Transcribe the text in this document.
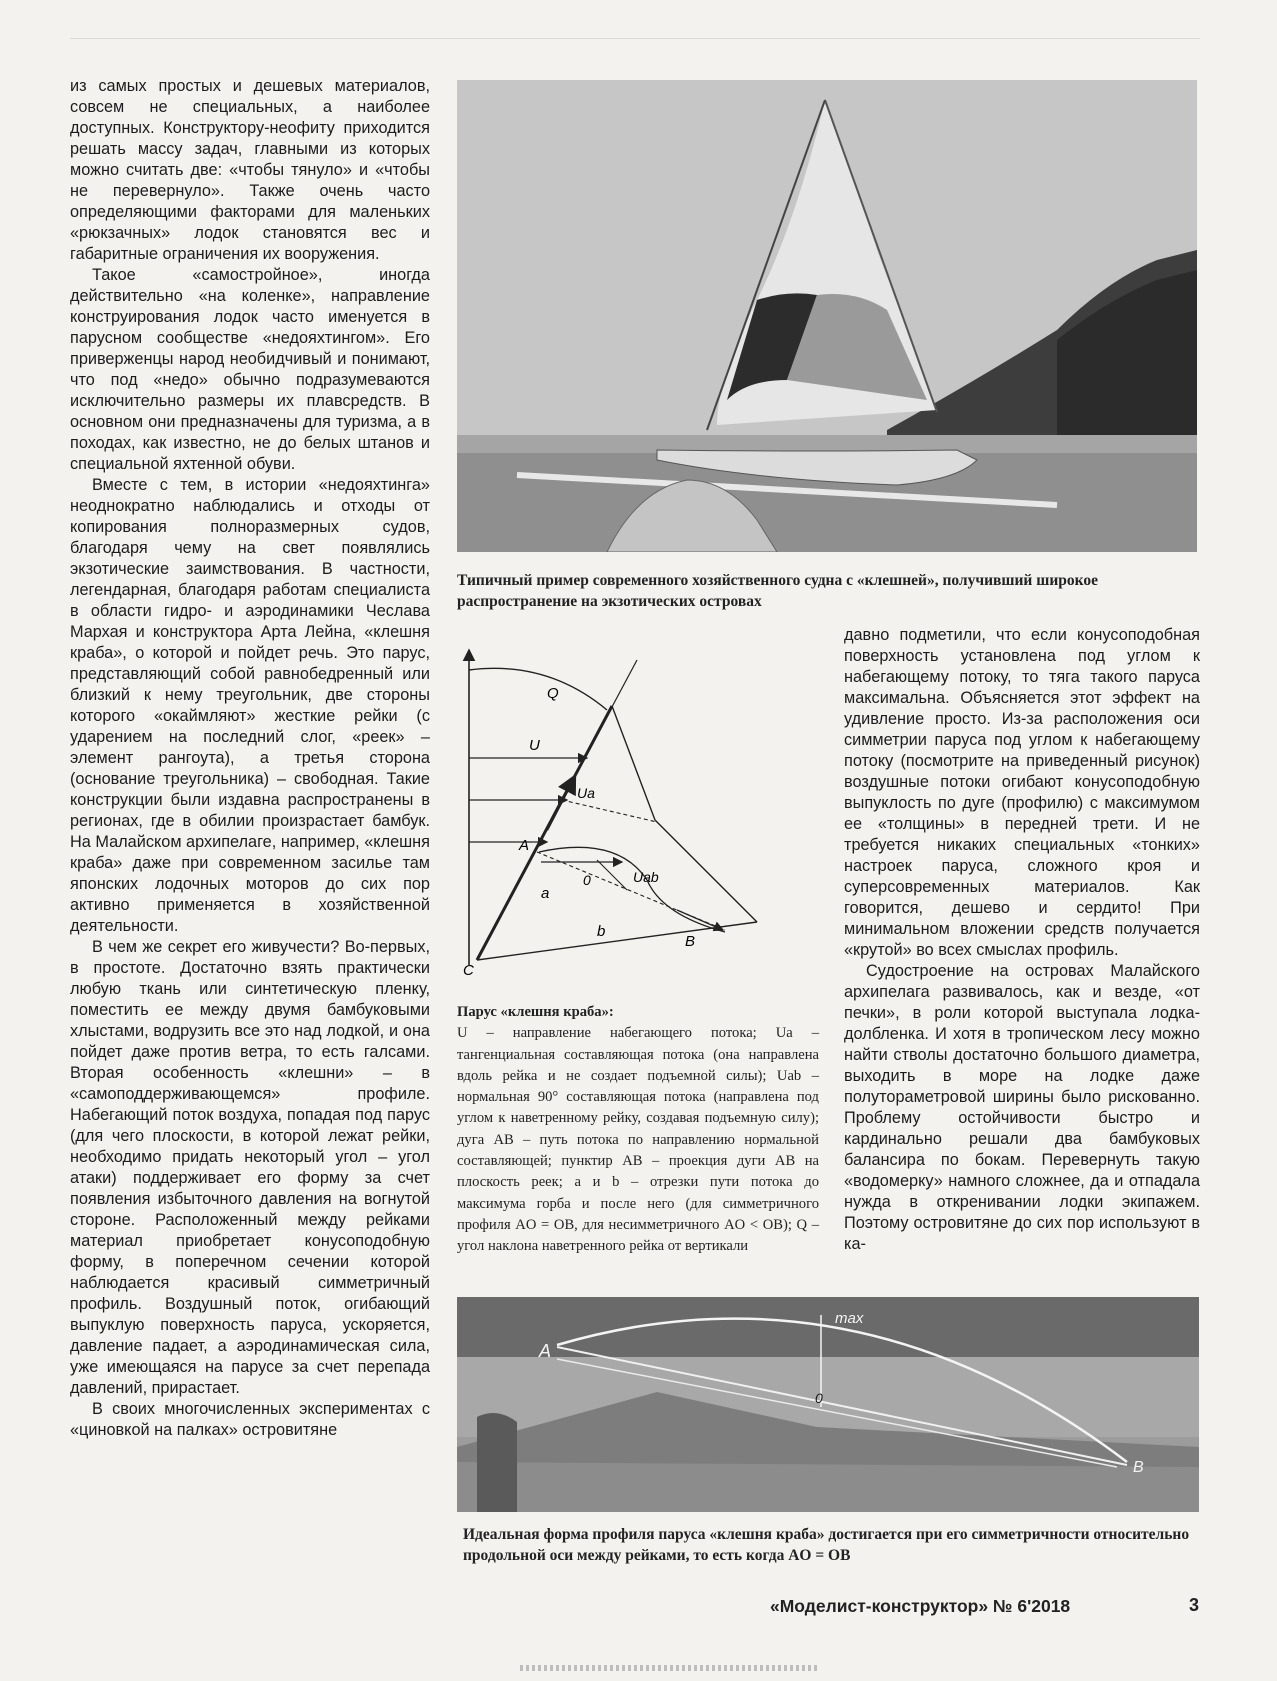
из самых простых и дешевых материалов, совсем не специальных, а наиболее доступных. Конструктору-неофиту приходится решать массу задач, главными из которых можно считать две: «чтобы тянуло» и «чтобы не перевернуло». Также очень часто определяющими факторами для маленьких «рюкзачных» лодок становятся вес и габаритные ограничения их вооружения.

Такое «самостройное», иногда действительно «на коленке», направление конструирования лодок часто именуется в парусном сообществе «недояхтингом». Его приверженцы народ необидчивый и понимают, что под «недо» обычно подразумеваются исключительно размеры их плавсредств. В основном они предназначены для туризма, а в походах, как известно, не до белых штанов и специальной яхтенной обуви.

Вместе с тем, в истории «недояхтинга» неоднократно наблюдались и отходы от копирования полноразмерных судов, благодаря чему на свет появлялись экзотические заимствования. В частности, легендарная, благодаря работам специалиста в области гидро- и аэродинамики Чеслава Мархая и конструктора Арта Лейна, «клешня краба», о которой и пойдет речь. Это парус, представляющий собой равнобедренный или близкий к нему треугольник, две стороны которого «окаймляют» жесткие рейки (с ударением на последний слог, «реек» – элемент рангоута), а третья сторона (основание треугольника) – свободная. Такие конструкции были издавна распространены в регионах, где в обилии произрастает бамбук. На Малайском архипелаге, например, «клешня краба» даже при современном засилье там японских лодочных моторов до сих пор активно применяется в хозяйственной деятельности.

В чем же секрет его живучести? Во-первых, в простоте. Достаточно взять практически любую ткань или синтетическую пленку, поместить ее между двумя бамбуковыми хлыстами, водрузить все это над лодкой, и она пойдет даже против ветра, то есть галсами. Вторая особенность «клешни» – в «самоподдерживающемся» профиле. Набегающий поток воздуха, попадая под парус (для чего плоскости, в которой лежат рейки, необходимо придать некоторый угол – угол атаки) поддерживает его форму за счет появления избыточного давления на вогнутой стороне. Расположенный между рейками материал приобретает конусоподобную форму, в поперечном сечении которой наблюдается красивый симметричный профиль. Воздушный поток, огибающий выпуклую поверхность паруса, ускоряется, давление падает, а аэродинамическая сила, уже имеющаяся на парусе за счет перепада давлений, прирастает.

В своих многочисленных экспериментах с «циновкой на палках» островитяне

Типичный пример современного хозяйственного судна с «клешней», получивший широкое распространение на экзотических островах
Q
U
Ua
Uab
A
0
a
b
B
C
Парус «клешня краба»:
U – направление набегающего потока; Ua – тангенциальная составляющая потока (она направлена вдоль рейка и не создает подъемной силы); Uab – нормальная 90° составляющая потока (направлена под углом к наветренному рейку, создавая подъемную силу); дуга AB – путь потока по направлению нормальной составляющей; пунктир AB – проекция дуги AB на плоскость реек; a и b – отрезки пути потока до максимума горба и после него (для симметричного профиля AO = OB, для несимметричного AO < OB); Q – угол наклона наветренного рейка от вертикали

давно подметили, что если конусоподобная поверхность установлена под углом к набегающему потоку, то тяга такого паруса максимальна. Объясняется этот эффект на удивление просто. Из-за расположения оси симметрии паруса под углом к набегающему потоку (посмотрите на приведенный рисунок) воздушные потоки огибают конусоподобную выпуклость по дуге (профилю) с максимумом ее «толщины» в передней трети. И не требуется никаких специальных «тонких» настроек паруса, сложного кроя и суперсовременных материалов. Как говорится, дешево и сердито! При минимальном вложении средств получается «крутой» во всех смыслах профиль.

Судостроение на островах Малайского архипелага развивалось, как и везде, «от печки», в роли которой выступала лодка-долбленка. И хотя в тропическом лесу можно найти стволы достаточно большого диаметра, выходить в море на лодке даже полутораметровой ширины было рискованно. Проблему остойчивости быстро и кардинально решали два бамбуковых балансира по бокам. Перевернуть такую «водомерку» намного сложнее, да и отпадала нужда в откренивании лодки экипажем. Поэтому островитяне до сих пор используют в ка-

max
A
0
B
Идеальная форма профиля паруса «клешня краба» достигается при его симметричности относительно продольной оси между рейками, то есть когда AO = OB
«Моделист-конструктор» № 6'2018	3
